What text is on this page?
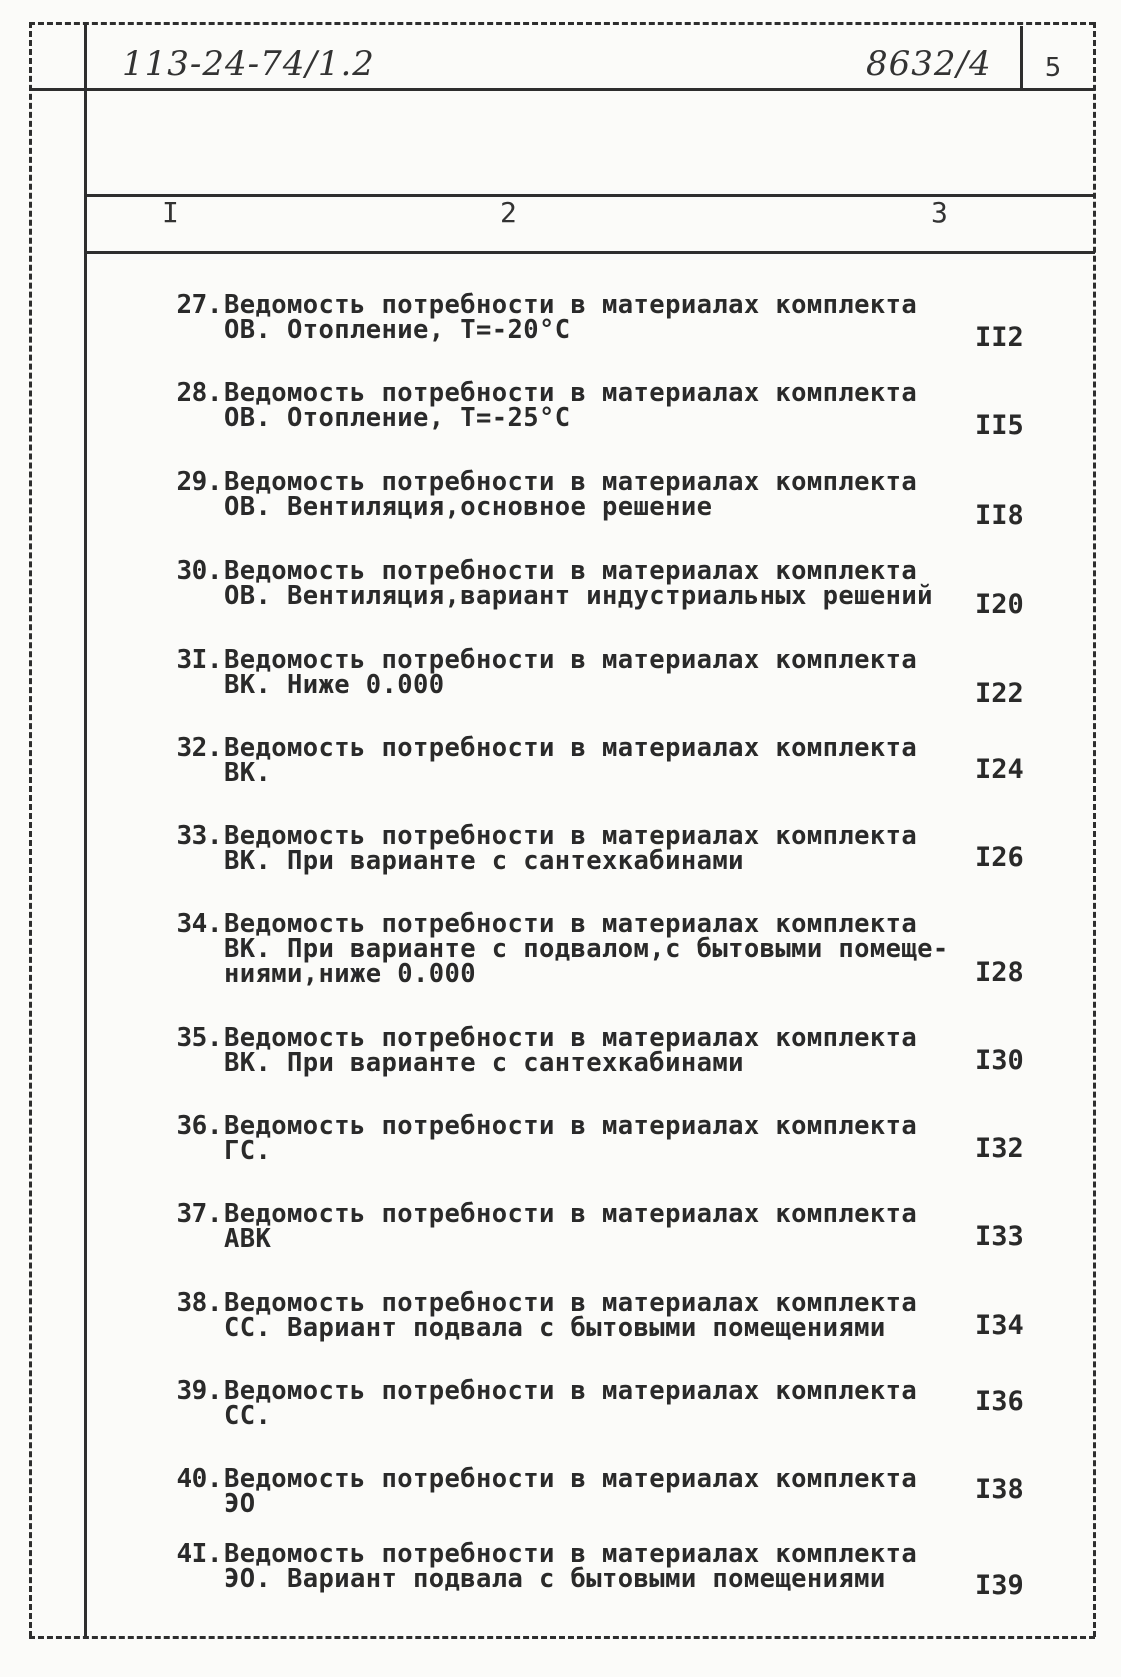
113-24-74/1.2	8632/4	5
I	2	3
27. Ведомость потребности в материалах комплекта
ОВ. Отопление, Т=-20°С	II2
28. Ведомость потребности в материалах комплекта
ОВ. Отопление, Т=-25°С	II5
29. Ведомость потребности в материалах комплекта
ОВ. Вентиляция,основное решение	II8
30. Ведомость потребности в материалах комплекта
ОВ. Вентиляция,вариант индустриальных решений I20
3I. Ведомость потребности в материалах комплекта
ВК. Ниже 0.000	I22
32. Ведомость потребности в материалах комплекта
ВК.	I24
33. Ведомость потребности в материалах комплекта
ВК. При варианте с сантехкабинами	I26
34. Ведомость потребности в материалах комплекта
ВК. При варианте с подвалом,с бытовыми помеще-
ниями,ниже 0.000	I28
35. Ведомость потребности в материалах комплекта
ВК. При варианте с сантехкабинами	I30
36. Ведомость потребности в материалах комплекта
ГС.	I32
37. Ведомость потребности в материалах комплекта
АВК	I33
38. Ведомость потребности в материалах комплекта
СС. Вариант подвала с бытовыми помещениями	I34
39. Ведомость потребности в материалах комплекта
СС.	I36
40. Ведомость потребности в материалах комплекта
ЭО	I38
4I. Ведомость потребности в материалах комплекта
ЭО. Вариант подвала с бытовыми помещениями	I39
